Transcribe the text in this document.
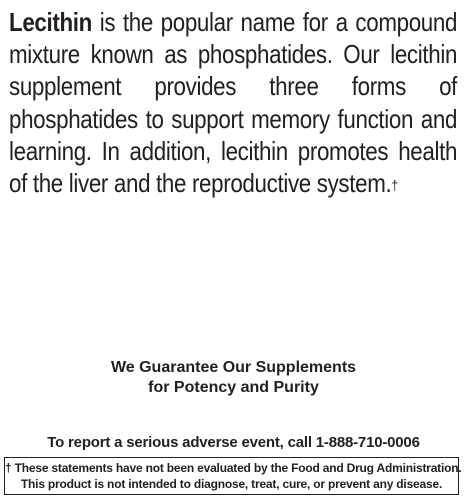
Lecithin is the popular name for a compound mixture known as phosphatides. Our lecithin supplement provides three forms of phosphatides to support memory function and learning. In addition, lecithin promotes health of the liver and the reproductive system.†

We Guarantee Our Supplements
for Potency and Purity
To report a serious adverse event, call 1-888-710-0006
† These statements have not been evaluated by the Food and Drug Administration.
This product is not intended to diagnose, treat, cure, or prevent any disease.
